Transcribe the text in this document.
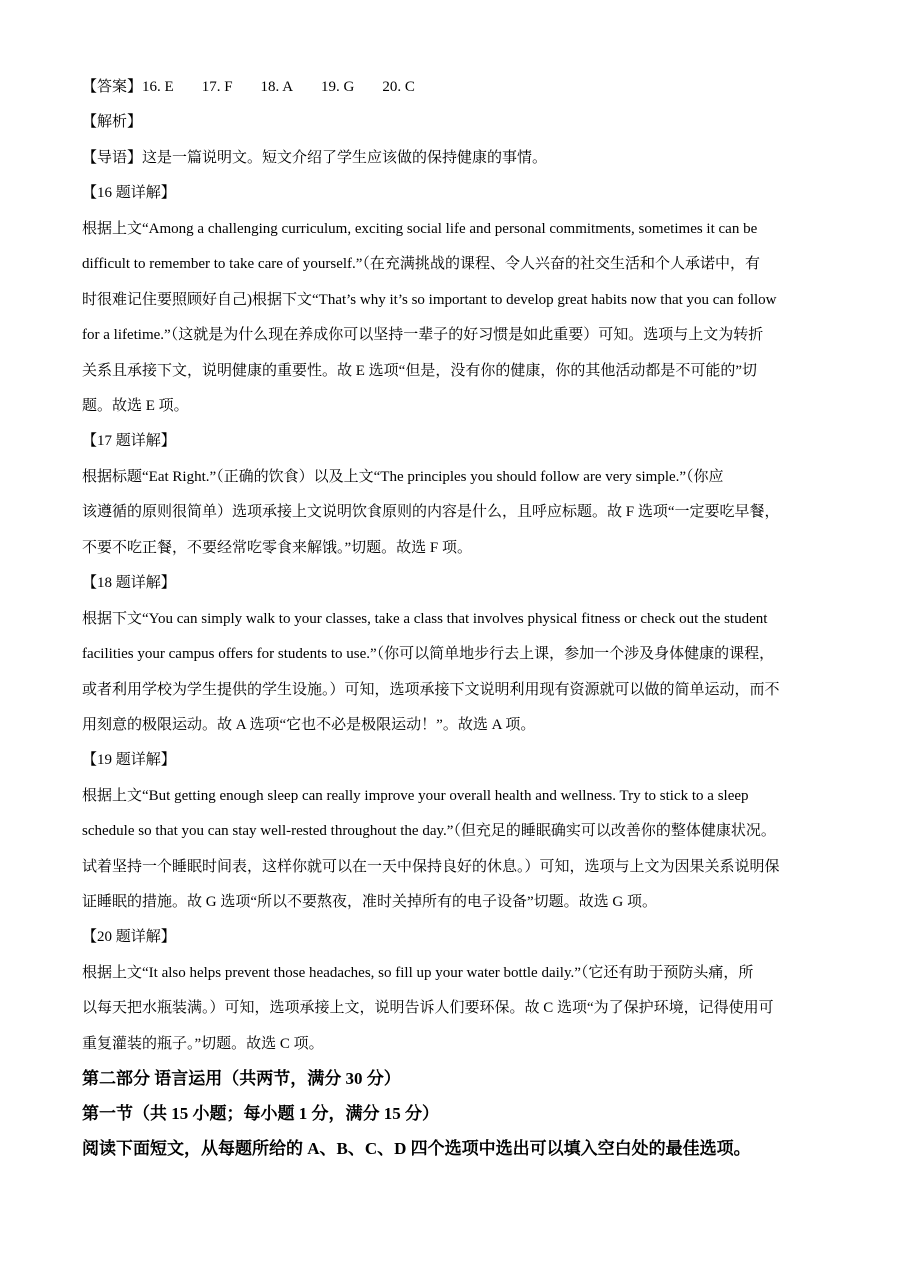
【答案】16. E 17. F 18. A 19. G 20. C
【解析】
【导语】这是一篇说明文。短文介绍了学生应该做的保持健康的事情。
【16 题详解】
根据上文“Among a challenging curriculum, exciting social life and personal commitments, sometimes it can be
difficult to remember to take care of yourself.”（在充满挑战的课程、令人兴奋的社交生活和个人承诺中，有
时很难记住要照顾好自己)根据下文“That’s why it’s so important to develop great habits now that you can follow
for a lifetime.”（这就是为什么现在养成你可以坚持一辈子的好习惯是如此重要）可知。选项与上文为转折
关系且承接下文，说明健康的重要性。故 E 选项“但是，没有你的健康，你的其他活动都是不可能的”切
题。故选 E 项。
【17 题详解】
根据标题“Eat Right.”（正确的饮食）以及上文“The principles you should follow are very simple.”（你应
该遵循的原则很简单）选项承接上文说明饮食原则的内容是什么，且呼应标题。故 F 选项“一定要吃早餐，
不要不吃正餐，不要经常吃零食来解饿。”切题。故选 F 项。
【18 题详解】
根据下文“You can simply walk to your classes, take a class that involves physical fitness or check out the student
facilities your campus offers for students to use.”（你可以简单地步行去上课，参加一个涉及身体健康的课程，
或者利用学校为学生提供的学生设施。）可知，选项承接下文说明利用现有资源就可以做的简单运动，而不
用刻意的极限运动。故 A 选项“它也不必是极限运动！”。故选 A 项。
【19 题详解】
根据上文“But getting enough sleep can really improve your overall health and wellness. Try to stick to a sleep
schedule so that you can stay well-rested throughout the day.”（但充足的睡眠确实可以改善你的整体健康状况。
试着坚持一个睡眠时间表，这样你就可以在一天中保持良好的休息。）可知，选项与上文为因果关系说明保
证睡眠的措施。故 G 选项“所以不要熬夜，准时关掉所有的电子设备”切题。故选 G 项。
【20 题详解】
根据上文“It also helps prevent those headaches, so fill up your water bottle daily.”（它还有助于预防头痛，所
以每天把水瓶装满。）可知，选项承接上文，说明告诉人们要环保。故 C 选项“为了保护环境，记得使用可
重复灌装的瓶子。”切题。故选 C 项。
第二部分 语言运用（共两节，满分 30 分）
第一节（共 15 小题；每小题 1 分，满分 15 分）
阅读下面短文，从每题所给的 A、B、C、D 四个选项中选出可以填入空白处的最佳选项。
